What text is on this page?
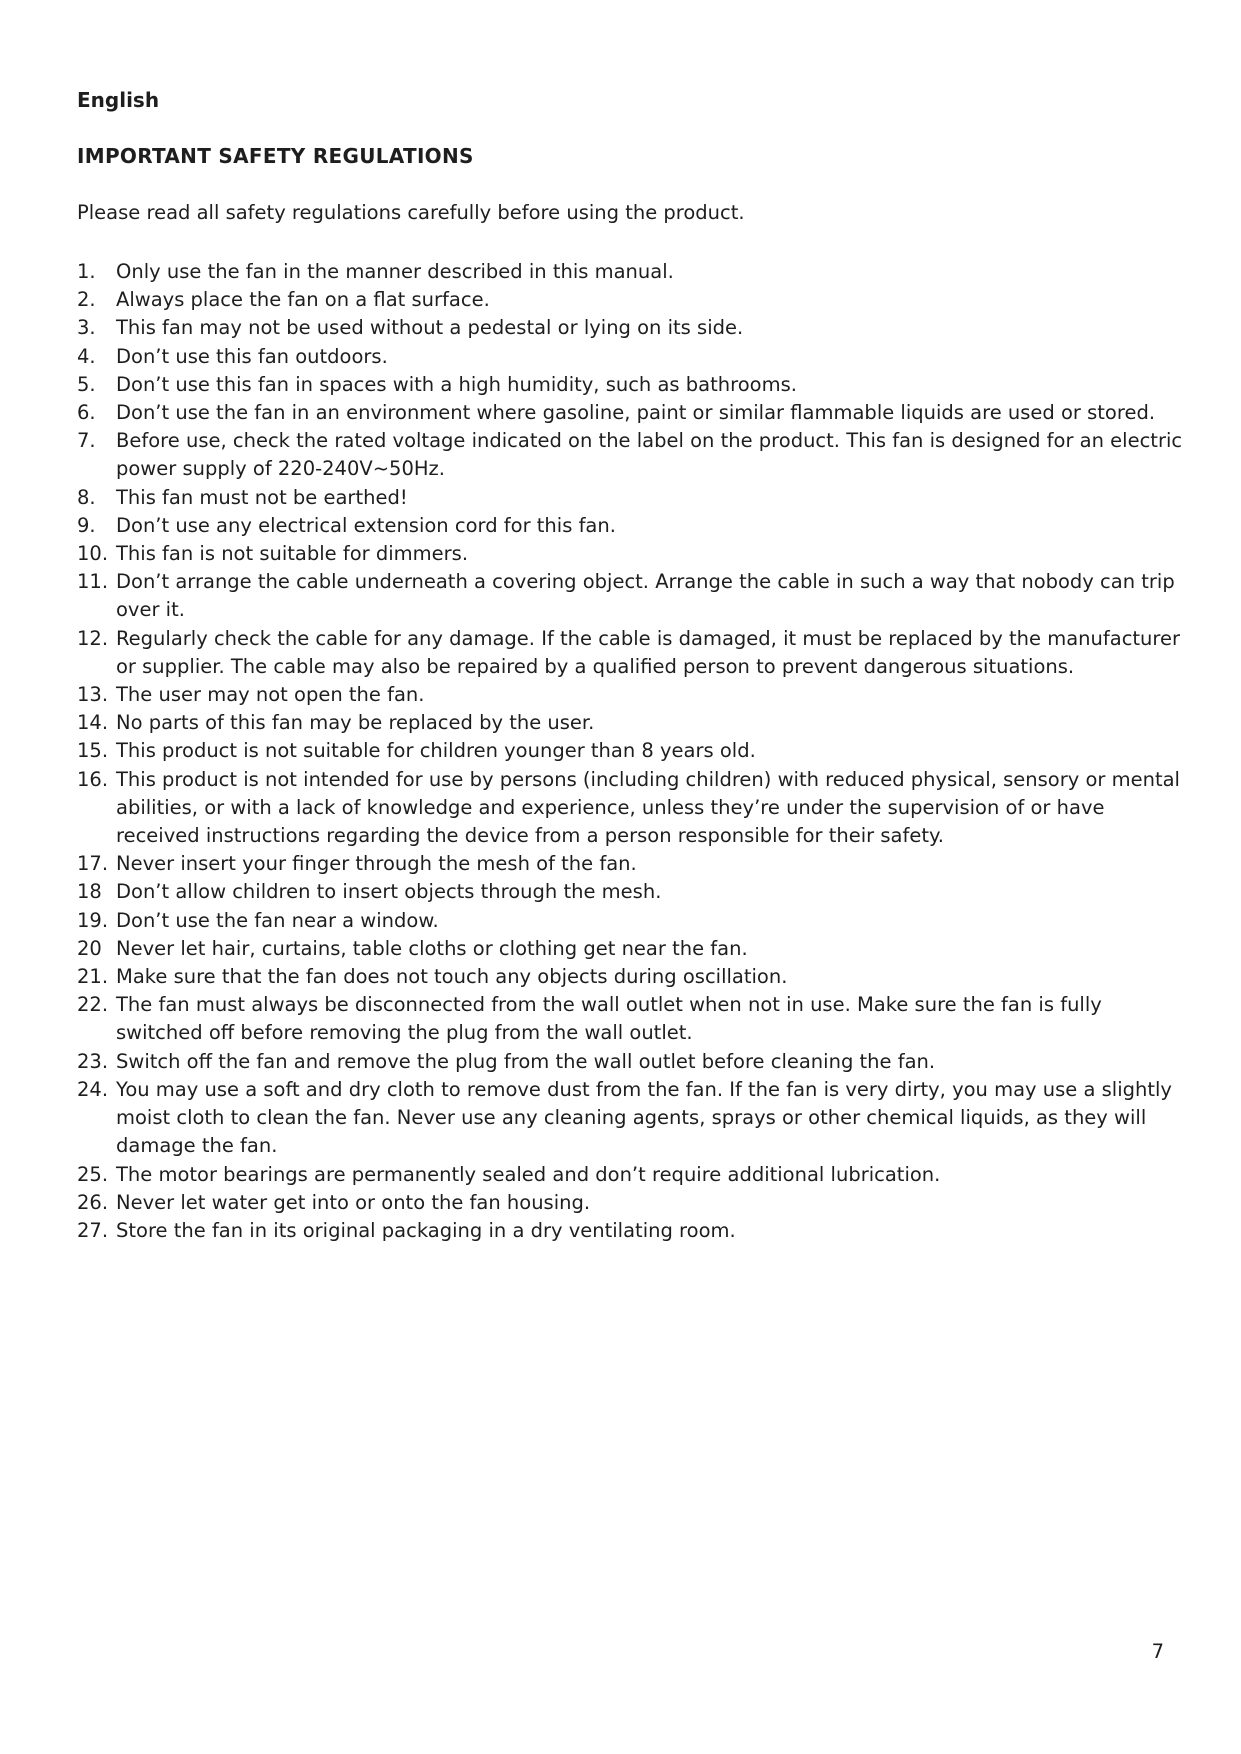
English
IMPORTANT SAFETY REGULATIONS

Please read all safety regulations carefully before using the product.

1.	Only use the fan in the manner described in this manual.
2.	Always place the fan on a flat surface.
3.	This fan may not be used without a pedestal or lying on its side.
4.	Don’t use this fan outdoors.
5.	Don’t use this fan in spaces with a high humidity, such as bathrooms.
6.	Don’t use the fan in an environment where gasoline, paint or similar flammable liquids are used or stored.
7.	Before use, check the rated voltage indicated on the label on the product. This fan is designed for an electric power supply of 220-240V~50Hz.
8.	This fan must not be earthed!
9.	Don’t use any electrical extension cord for this fan.
10. This fan is not suitable for dimmers.
11. Don’t arrange the cable underneath a covering object. Arrange the cable in such a way that nobody can trip over it.
12. Regularly check the cable for any damage. If the cable is damaged, it must be replaced by the manufacturer or supplier. The cable may also be repaired by a qualified person to prevent dangerous situations.
13. The user may not open the fan.
14. No parts of this fan may be replaced by the user.
15. This product is not suitable for children younger than 8 years old.
16. This product is not intended for use by persons (including children) with reduced physical, sensory or mental abilities, or with a lack of knowledge and experience, unless they’re under the supervision of or have received instructions regarding the device from a person responsible for their safety.
17. Never insert your finger through the mesh of the fan.
18 Don’t allow children to insert objects through the mesh.
19. Don’t use the fan near a window.
20 Never let hair, curtains, table cloths or clothing get near the fan.
21. Make sure that the fan does not touch any objects during oscillation.
22. The fan must always be disconnected from the wall outlet when not in use. Make sure the fan is fully switched off before removing the plug from the wall outlet.
23. Switch off the fan and remove the plug from the wall outlet before cleaning the fan.
24. You may use a soft and dry cloth to remove dust from the fan. If the fan is very dirty, you may use a slightly moist cloth to clean the fan. Never use any cleaning agents, sprays or other chemical liquids, as they will damage the fan.
25. The motor bearings are permanently sealed and don’t require additional lubrication.
26. Never let water get into or onto the fan housing.
27. Store the fan in its original packaging in a dry ventilating room.

7
